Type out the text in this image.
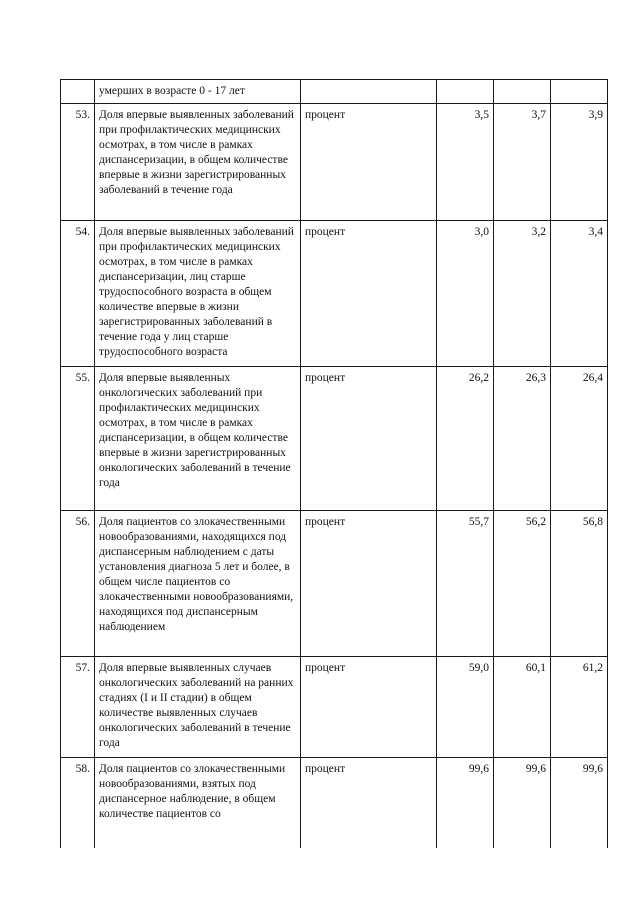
	умерших в возрасте 0 - 17 лет				
53.	Доля впервые выявленных заболеваний при профилактических медицинских осмотрах, в том числе в рамках диспансеризации, в общем количестве впервые в жизни зарегистрированных заболеваний в течение года	процент	3,5	3,7	3,9
54.	Доля впервые выявленных заболеваний при профилактических медицинских осмотрах, в том числе в рамках диспансеризации, лиц старше трудоспособного возраста в общем количестве впервые в жизни зарегистрированных заболеваний в течение года у лиц старше трудоспособного возраста	процент	3,0	3,2	3,4
55.	Доля впервые выявленных онкологических заболеваний при профилактических медицинских осмотрах, в том числе в рамках диспансеризации, в общем количестве впервые в жизни зарегистрированных онкологических заболеваний в течение года	процент	26,2	26,3	26,4
56.	Доля пациентов со злокачественными новообразованиями, находящихся под диспансерным наблюдением с даты установления диагноза 5 лет и более, в общем числе пациентов со злокачественными новообразованиями, находящихся под диспансерным наблюдением	процент	55,7	56,2	56,8
57.	Доля впервые выявленных случаев онкологических заболеваний на ранних стадиях (I и II стадии) в общем количестве выявленных случаев онкологических заболеваний в течение года	процент	59,0	60,1	61,2
58.	Доля пациентов со злокачественными новообразованиями, взятых под диспансерное наблюдение, в общем количестве пациентов со	процент	99,6	99,6	99,6
